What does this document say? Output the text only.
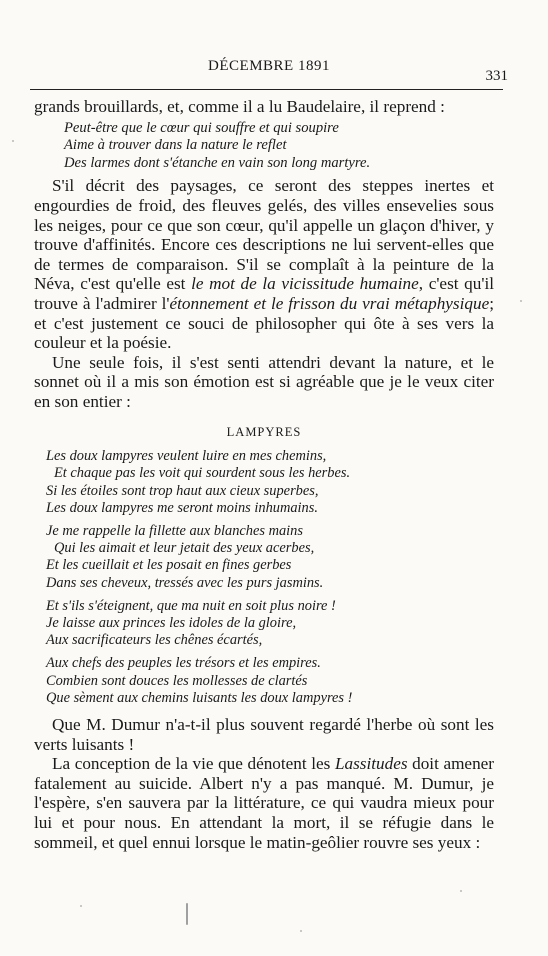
DÉCEMBRE 1891
331

grands brouillards, et, comme il a lu Baudelaire, il reprend :

Peut-être que le cœur qui souffre et qui soupire
Aime à trouver dans la nature le reflet
Des larmes dont s'étanche en vain son long martyre.

S'il décrit des paysages, ce seront des steppes inertes et engourdies de froid, des fleuves gelés, des villes ensevelies sous les neiges, pour ce que son cœur, qu'il appelle un glaçon d'hiver, y trouve d'affinités. Encore ces descriptions ne lui servent-elles que de termes de comparaison. S'il se complaît à la peinture de la Néva, c'est qu'elle est le mot de la vicissitude humaine, c'est qu'il trouve à l'admirer l'étonnement et le frisson du vrai métaphysique; et c'est justement ce souci de philosopher qui ôte à ses vers la couleur et la poésie.

Une seule fois, il s'est senti attendri devant la nature, et le sonnet où il a mis son émotion est si agréable que je le veux citer en son entier :

LAMPYRES
Les doux lampyres veulent luire en mes chemins,
Et chaque pas les voit qui sourdent sous les herbes.
Si les étoiles sont trop haut aux cieux superbes,
Les doux lampyres me seront moins inhumains.
Je me rappelle la fillette aux blanches mains
Qui les aimait et leur jetait des yeux acerbes,
Et les cueillait et les posait en fines gerbes
Dans ses cheveux, tressés avec les purs jasmins.
Et s'ils s'éteignent, que ma nuit en soit plus noire !
Je laisse aux princes les idoles de la gloire,
Aux sacrificateurs les chênes écartés,
Aux chefs des peuples les trésors et les empires.
Combien sont douces les mollesses de clartés
Que sèment aux chemins luisants les doux lampyres !

Que M. Dumur n'a-t-il plus souvent regardé l'herbe où sont les verts luisants !

La conception de la vie que dénotent les Lassitudes doit amener fatalement au suicide. Albert n'y a pas manqué. M. Dumur, je l'espère, s'en sauvera par la littérature, ce qui vaudra mieux pour lui et pour nous. En attendant la mort, il se réfugie dans le sommeil, et quel ennui lorsque le matin-geôlier rouvre ses yeux :
